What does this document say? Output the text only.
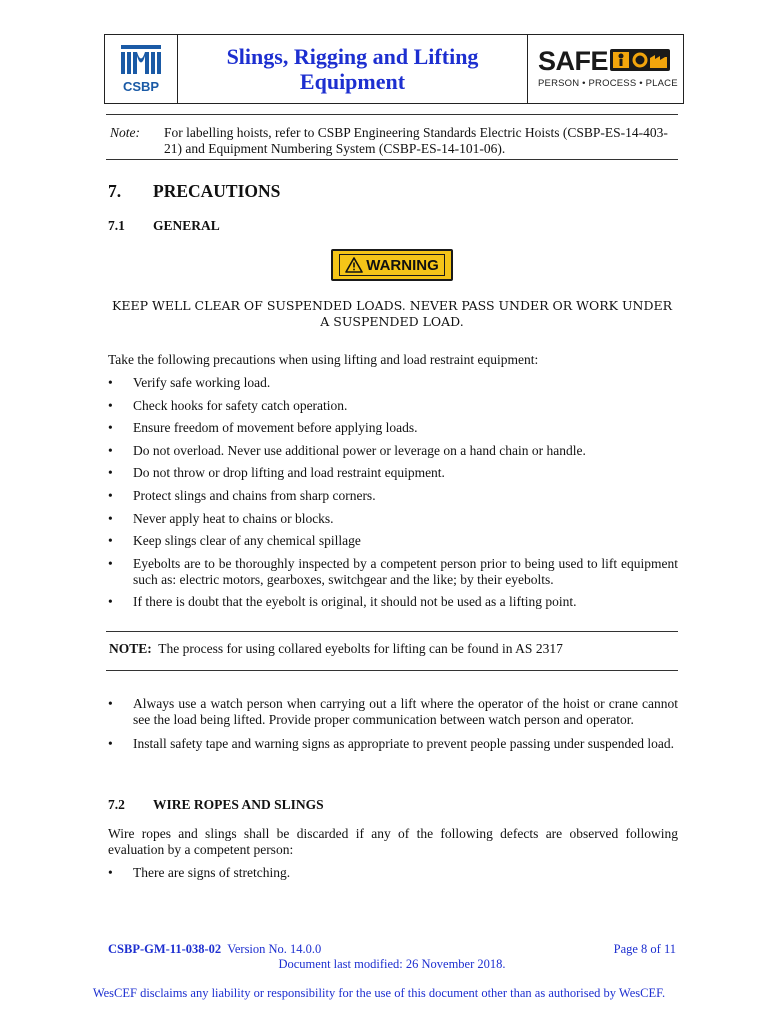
CSBP
Slings, Rigging and Lifting Equipment
SAFE
PERSON • PROCESS • PLACE
Note: For labelling hoists, refer to CSBP Engineering Standards Electric Hoists (CSBP-ES-14-403-21) and Equipment Numbering System (CSBP-ES-14-101-06).
7. PRECAUTIONS
7.1 GENERAL
WARNING
KEEP WELL CLEAR OF SUSPENDED LOADS. NEVER PASS UNDER OR WORK UNDER A SUSPENDED LOAD.
Take the following precautions when using lifting and load restraint equipment:
•	Verify safe working load.
•	Check hooks for safety catch operation.
•	Ensure freedom of movement before applying loads.
•	Do not overload. Never use additional power or leverage on a hand chain or handle.
•	Do not throw or drop lifting and load restraint equipment.
•	Protect slings and chains from sharp corners.
•	Never apply heat to chains or blocks.
•	Keep slings clear of any chemical spillage
•	Eyebolts are to be thoroughly inspected by a competent person prior to being used to lift equipment such as: electric motors, gearboxes, switchgear and the like; by their eyebolts.
•	If there is doubt that the eyebolt is original, it should not be used as a lifting point.
NOTE: The process for using collared eyebolts for lifting can be found in AS 2317
•	Always use a watch person when carrying out a lift where the operator of the hoist or crane cannot see the load being lifted. Provide proper communication between watch person and operator.
•	Install safety tape and warning signs as appropriate to prevent people passing under suspended load.
7.2 WIRE ROPES AND SLINGS
Wire ropes and slings shall be discarded if any of the following defects are observed following evaluation by a competent person:
•	There are signs of stretching.
CSBP-GM-11-038-02 Version No. 14.0.0	Page 8 of 11
Document last modified: 26 November 2018.
WesCEF disclaims any liability or responsibility for the use of this document other than as authorised by WesCEF.
